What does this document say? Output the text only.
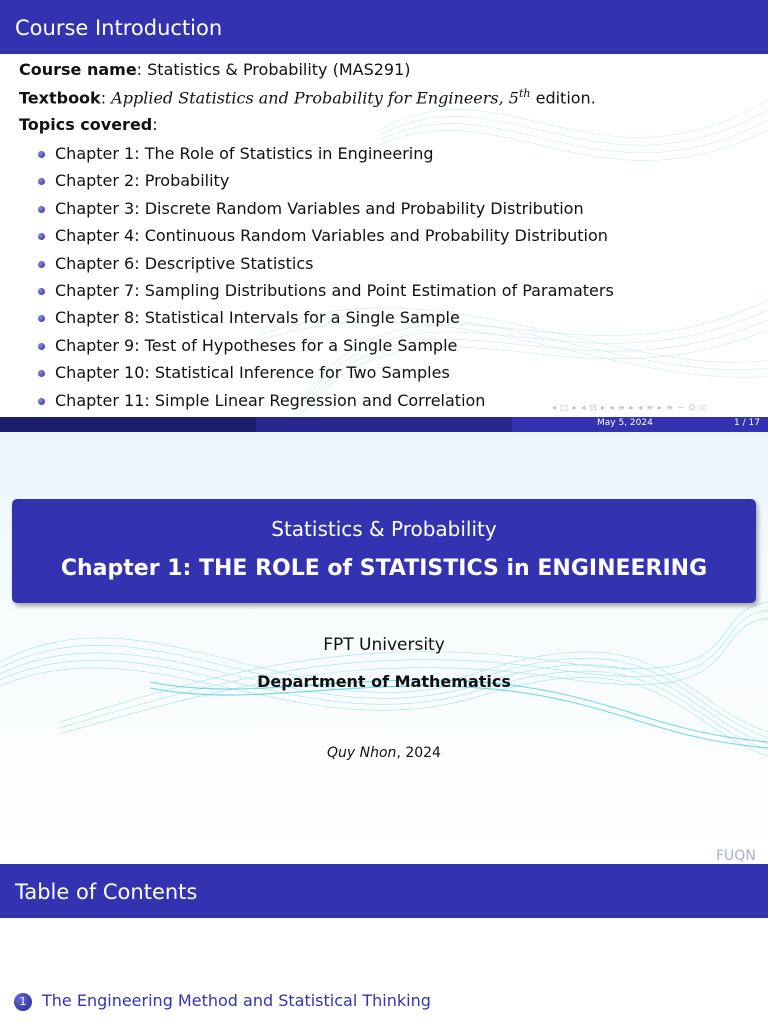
Course Introduction
Course name: Statistics & Probability (MAS291)
Textbook: Applied Statistics and Probability for Engineers, 5th edition.
Topics covered:
Chapter 1: The Role of Statistics in Engineering
Chapter 2: Probability
Chapter 3: Discrete Random Variables and Probability Distribution
Chapter 4: Continuous Random Variables and Probability Distribution
Chapter 6: Descriptive Statistics
Chapter 7: Sampling Distributions and Point Estimation of Paramaters
Chapter 8: Statistical Intervals for a Single Sample
Chapter 9: Test of Hypotheses for a Single Sample
Chapter 10: Statistical Inference for Two Samples
Chapter 11: Simple Linear Regression and Correlation	◂ □ ▸ ◂ ⊡ ▸ ◂ ≡ ▸ ◂ ≡ ▸ ≡ ∽ Q ⊂
May 5, 2024	1 / 17
Statistics & Probability
Chapter 1: THE ROLE of STATISTICS in ENGINEERING
FPT University
Department of Mathematics
Quy Nhon, 2024
FUQN
Table of Contents
1 The Engineering Method and Statistical Thinking
